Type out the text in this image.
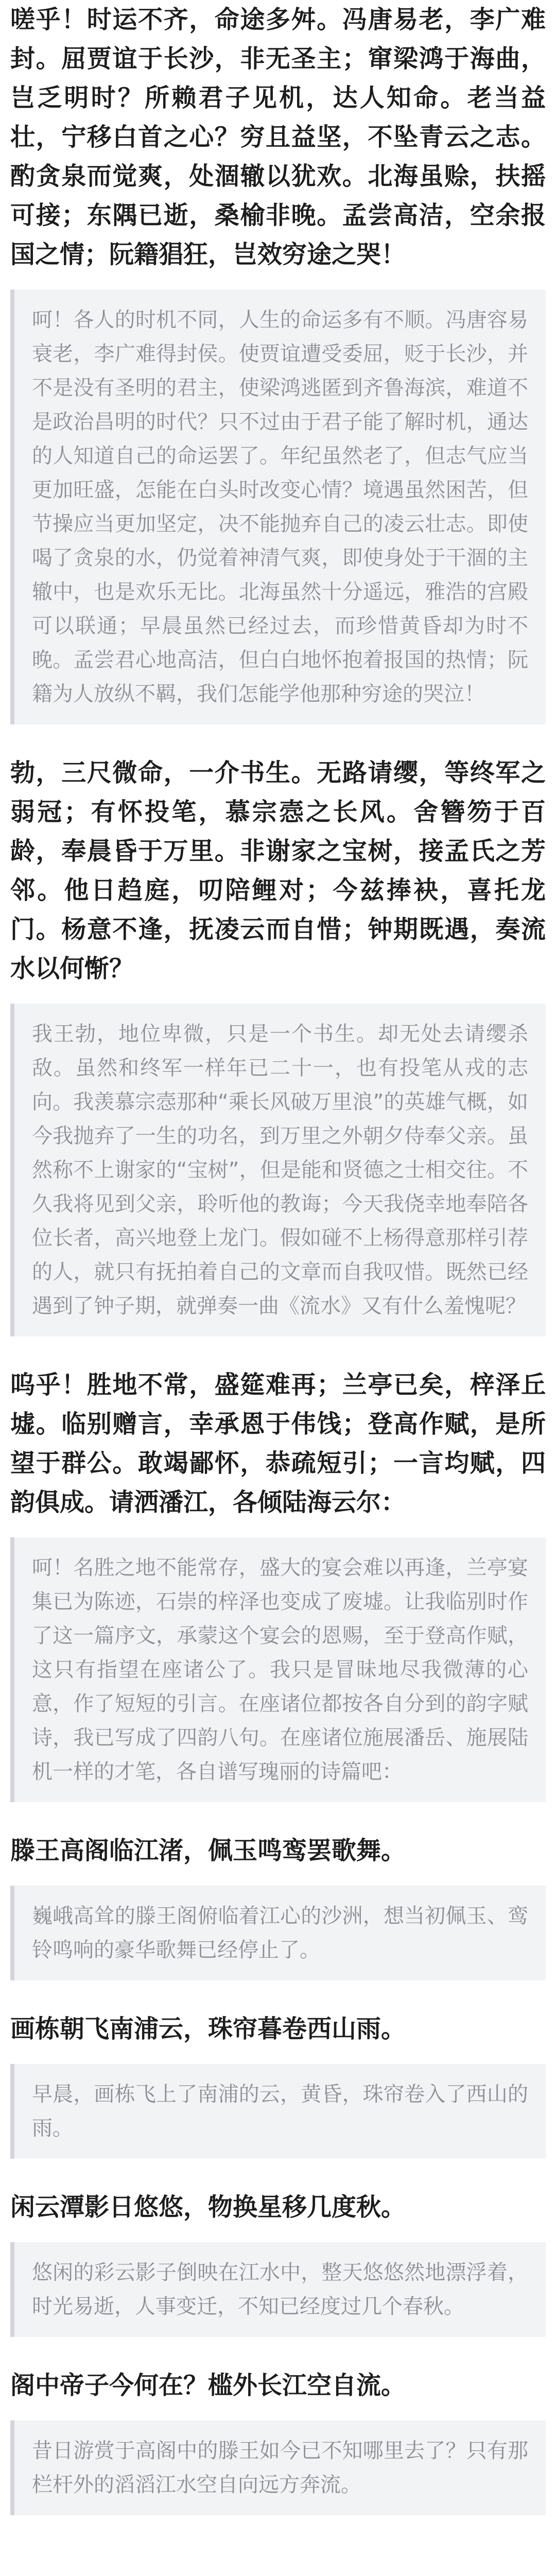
嗟乎！时运不齐，命途多舛。冯唐易老，李广难封。屈贾谊于长沙，非无圣主；窜梁鸿于海曲，岂乏明时？所赖君子见机，达人知命。老当益壮，宁移白首之心？穷且益坚，不坠青云之志。酌贪泉而觉爽，处涸辙以犹欢。北海虽赊，扶摇可接；东隅已逝，桑榆非晚。孟尝高洁，空余报国之情；阮籍猖狂，岂效穷途之哭！

呵！各人的时机不同，人生的命运多有不顺。冯唐容易衰老，李广难得封侯。使贾谊遭受委屈，贬于长沙，并不是没有圣明的君主，使梁鸿逃匿到齐鲁海滨，难道不是政治昌明的时代？只不过由于君子能了解时机，通达的人知道自己的命运罢了。年纪虽然老了，但志气应当更加旺盛，怎能在白头时改变心情？境遇虽然困苦，但节操应当更加坚定，决不能抛弃自己的凌云壮志。即使喝了贪泉的水，仍觉着神清气爽，即使身处于干涸的主辙中，也是欢乐无比。北海虽然十分遥远，雅浩的宫殿可以联通；早晨虽然已经过去，而珍惜黄昏却为时不晚。孟尝君心地高洁，但白白地怀抱着报国的热情；阮籍为人放纵不羁，我们怎能学他那种穷途的哭泣！

勃，三尺微命，一介书生。无路请缨，等终军之弱冠；有怀投笔，慕宗悫之长风。舍簪笏于百龄，奉晨昏于万里。非谢家之宝树，接孟氏之芳邻。他日趋庭，叨陪鲤对；今兹捧袂，喜托龙门。杨意不逢，抚凌云而自惜；钟期既遇，奏流水以何惭？

我王勃，地位卑微，只是一个书生。却无处去请缨杀敌。虽然和终军一样年已二十一，也有投笔从戎的志向。我羡慕宗悫那种“乘长风破万里浪”的英雄气概，如今我抛弃了一生的功名，到万里之外朝夕侍奉父亲。虽然称不上谢家的“宝树”，但是能和贤德之士相交往。不久我将见到父亲，聆听他的教诲；今天我侥幸地奉陪各位长者，高兴地登上龙门。假如碰不上杨得意那样引荐的人，就只有抚拍着自己的文章而自我叹惜。既然已经遇到了钟子期，就弹奏一曲《流水》又有什么羞愧呢？

呜乎！胜地不常，盛筵难再；兰亭已矣，梓泽丘墟。临别赠言，幸承恩于伟饯；登高作赋，是所望于群公。敢竭鄙怀，恭疏短引；一言均赋，四韵俱成。请洒潘江，各倾陆海云尔：

呵！名胜之地不能常存，盛大的宴会难以再逢，兰亭宴集已为陈迹，石崇的梓泽也变成了废墟。让我临别时作了这一篇序文，承蒙这个宴会的恩赐，至于登高作赋，这只有指望在座诸公了。我只是冒昧地尽我微薄的心意，作了短短的引言。在座诸位都按各自分到的韵字赋诗，我已写成了四韵八句。在座诸位施展潘岳、施展陆机一样的才笔，各自谱写瑰丽的诗篇吧：

滕王高阁临江渚，佩玉鸣鸾罢歌舞。

巍峨高耸的滕王阁俯临着江心的沙洲，想当初佩玉、鸾铃鸣响的豪华歌舞已经停止了。

画栋朝飞南浦云，珠帘暮卷西山雨。

早晨，画栋飞上了南浦的云，黄昏，珠帘卷入了西山的雨。

闲云潭影日悠悠，物换星移几度秋。

悠闲的彩云影子倒映在江水中，整天悠悠然地漂浮着，时光易逝，人事变迁，不知已经度过几个春秋。

阁中帝子今何在？槛外长江空自流。

昔日游赏于高阁中的滕王如今已不知哪里去了？只有那栏杆外的滔滔江水空自向远方奔流。
